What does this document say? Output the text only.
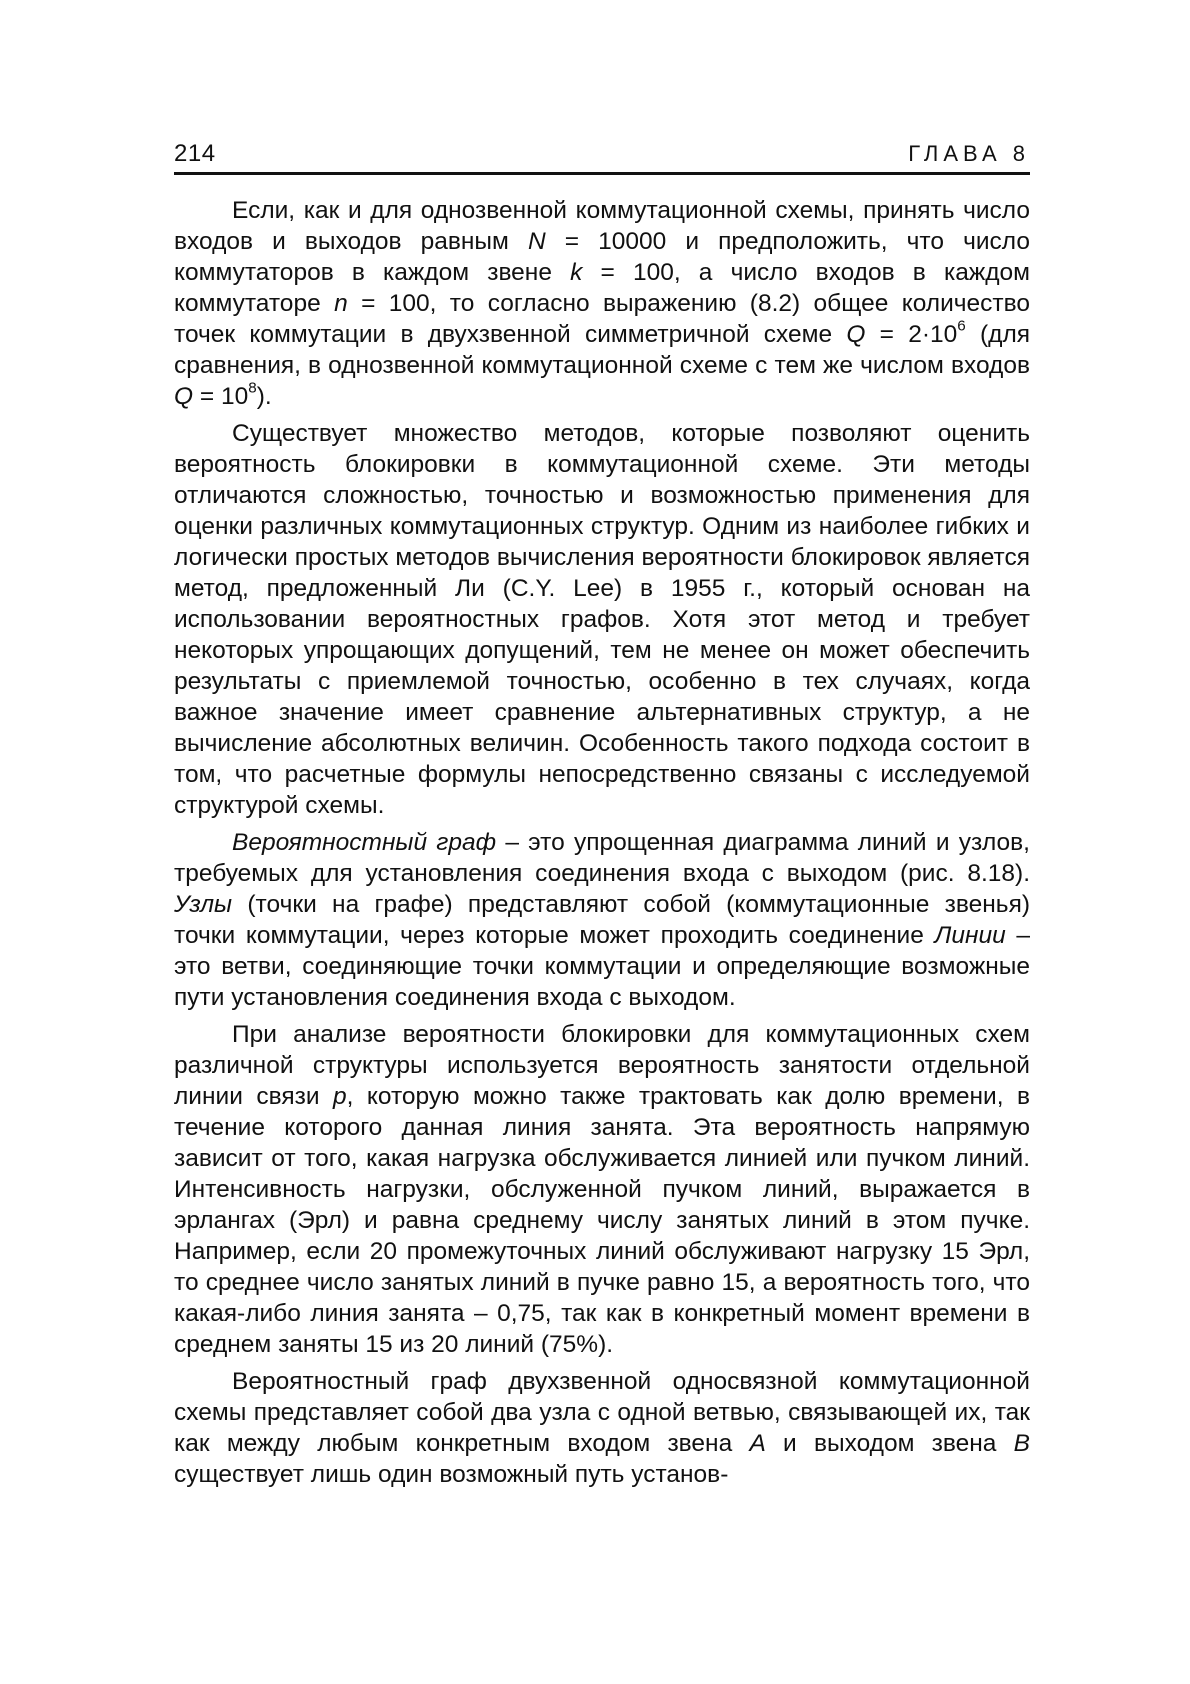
214	ГЛАВА 8

Если, как и для однозвенной коммутационной схемы, принять число входов и выходов равным N = 10000 и предположить, что число коммутаторов в каждом звене k = 100, а число входов в каждом коммутаторе n = 100, то согласно выражению (8.2) общее количество точек коммутации в двухзвенной симметричной схеме $Q = 2\cdot 10^6$ (для сравнения, в однозвенной коммутационной схеме с тем же числом входов $Q = 10^8$).

Существует множество методов, которые позволяют оценить вероятность блокировки в коммутационной схеме. Эти методы отличаются сложностью, точностью и возможностью применения для оценки различных коммутационных структур. Одним из наиболее гибких и логически простых методов вычисления вероятности блокировок является метод, предложенный Ли (C.Y. Lee) в 1955 г., который основан на использовании вероятностных графов. Хотя этот метод и требует некоторых упрощающих допущений, тем не менее он может обеспечить результаты с приемлемой точностью, особенно в тех случаях, когда важное значение имеет сравнение альтернативных структур, а не вычисление абсолютных величин. Особенность такого подхода состоит в том, что расчетные формулы непосредственно связаны с исследуемой структурой схемы.

Вероятностный граф – это упрощенная диаграмма линий и узлов, требуемых для установления соединения входа с выходом (рис. 8.18). Узлы (точки на графе) представляют собой (коммутационные звенья) точки коммутации, через которые может проходить соединение Линии – это ветви, соединяющие точки коммутации и определяющие возможные пути установления соединения входа с выходом.

При анализе вероятности блокировки для коммутационных схем различной структуры используется вероятность занятости отдельной линии связи p, которую можно также трактовать как долю времени, в течение которого данная линия занята. Эта вероятность напрямую зависит от того, какая нагрузка обслуживается линией или пучком линий. Интенсивность нагрузки, обслуженной пучком линий, выражается в эрлангах (Эрл) и равна среднему числу занятых линий в этом пучке. Например, если 20 промежуточных линий обслуживают нагрузку 15 Эрл, то среднее число занятых линий в пучке равно 15, а вероятность того, что какая-либо линия занята – 0,75, так как в конкретный момент времени в среднем заняты 15 из 20 линий (75%).

Вероятностный граф двухзвенной односвязной коммутационной схемы представляет собой два узла с одной ветвью, связывающей их, так как между любым конкретным входом звена A и выходом звена B существует лишь один возможный путь установ-
